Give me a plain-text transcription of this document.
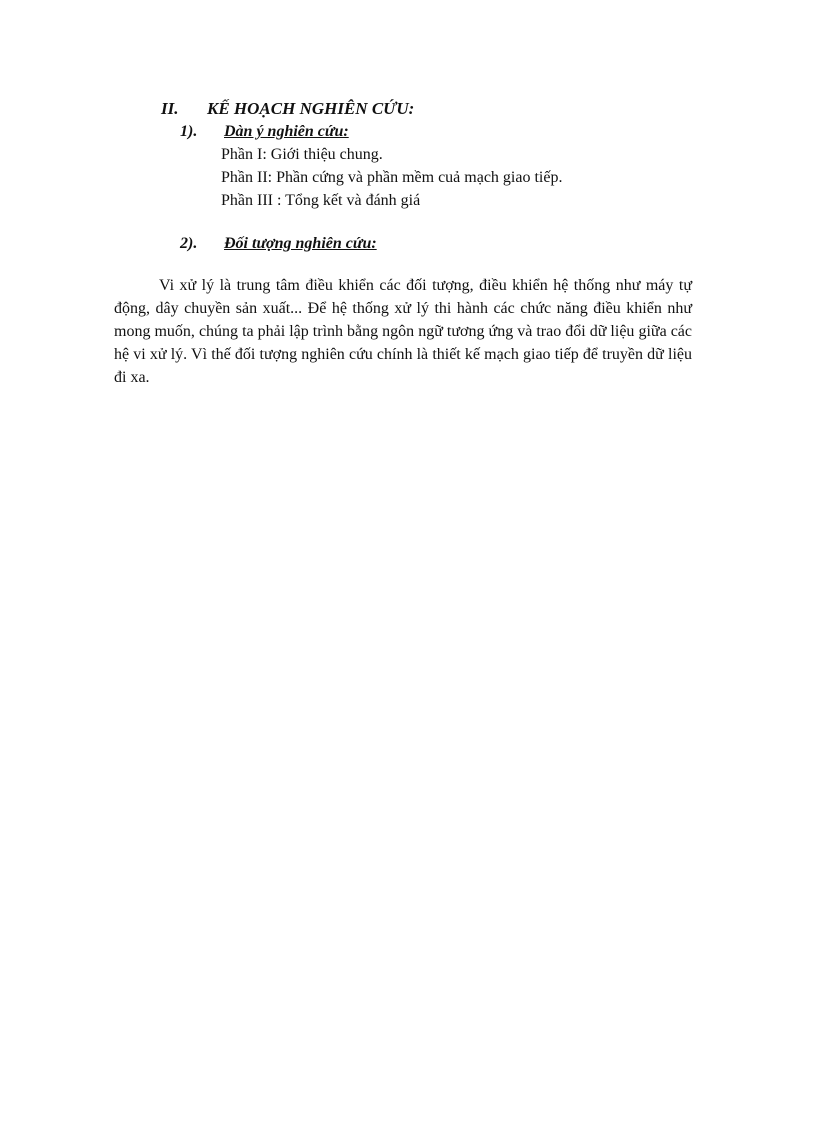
II. KẾ HOẠCH NGHIÊN CỨU:
1). Dàn ý nghiên cứu:
Phần I: Giới thiệu chung.
Phần II: Phần cứng và phần mềm cuả mạch giao tiếp.
Phần III : Tổng kết và đánh giá
2). Đối tượng nghiên cứu:

Vi xử lý là trung tâm điều khiển các đối tượng, điều khiển hệ thống như máy tự động, dây chuyền sản xuất... Để hệ thống xử lý thi hành các chức năng điều khiển như mong muốn, chúng ta phải lập trình bằng ngôn ngữ tương ứng và trao đổi dữ liệu giữa các hệ vi xử lý. Vì thế đối tượng nghiên cứu chính là thiết kế mạch giao tiếp để truyền dữ liệu đi xa.
